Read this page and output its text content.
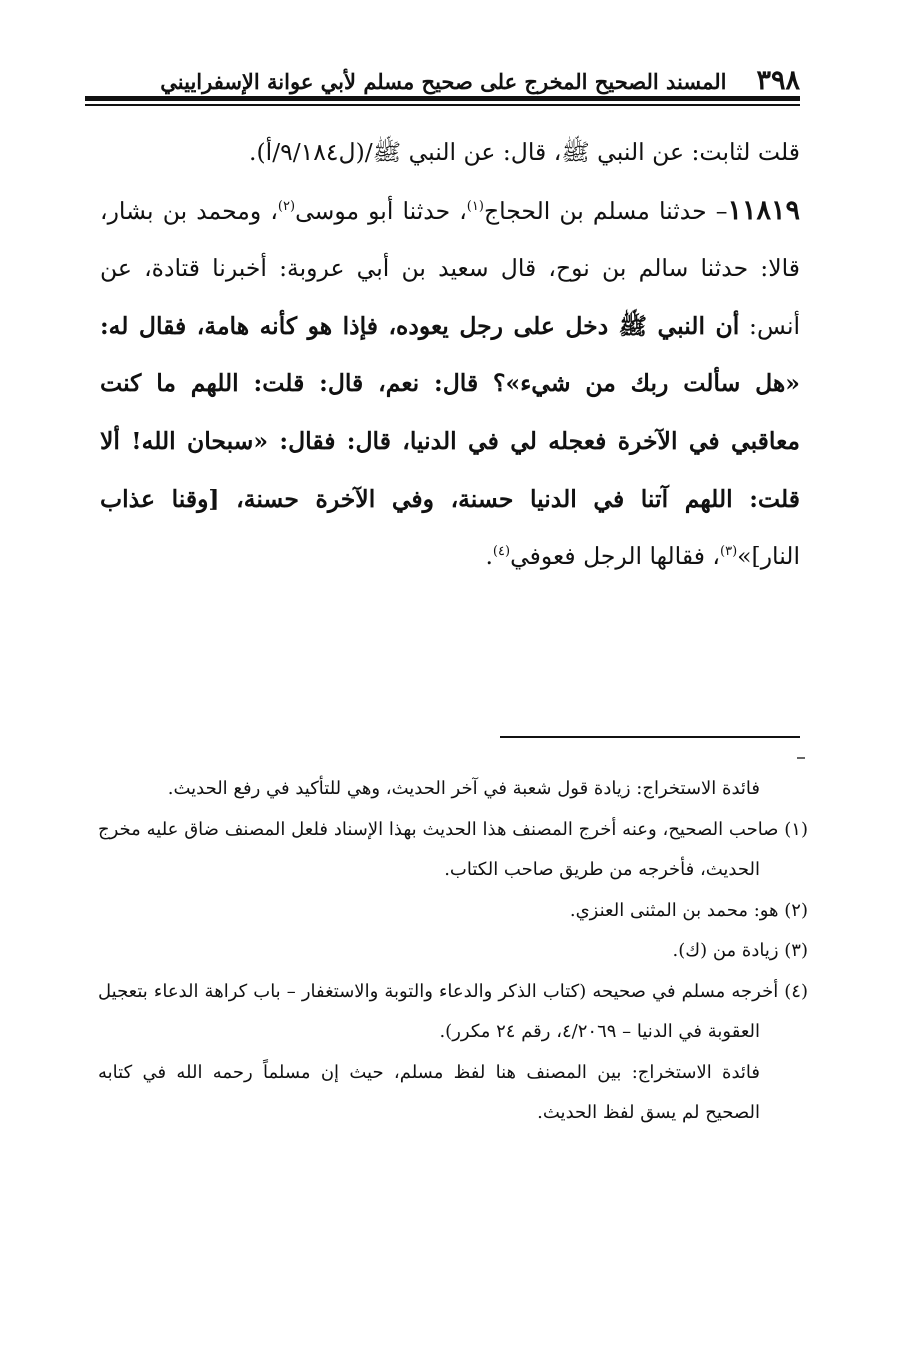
٣٩٨
المسند الصحيح المخرج على صحيح مسلم لأبي عوانة الإسفراييني

قلت لثابت: عن النبي ﷺ، قال: عن النبي ﷺ/(ل٩/١٨٤/أ).

١١٨١٩– حدثنا مسلم بن الحجاج$^{(١)}$، حدثنا أبو موسى$^{(٢)}$، ومحمد بن بشار، قالا: حدثنا سالم بن نوح، قال سعيد بن أبي عروبة: أخبرنا قتادة، عن أنس: أن النبي ﷺ دخل على رجل يعوده، فإذا هو كأنه هامة، فقال له: «هل سألت ربك من شيء»؟ قال: نعم، قال: قلت: اللهم ما كنت معاقبي في الآخرة فعجله لي في الدنيا، قال: فقال: «سبحان الله! ألا قلت: اللهم آتنا في الدنيا حسنة، وفي الآخرة حسنة، [وقنا عذاب النار]»$^{(٣)}$، فقالها الرجل فعوفي$^{(٤)}$.

فائدة الاستخراج: زيادة قول شعبة في آخر الحديث، وهي للتأكيد في رفع الحديث.

(١) صاحب الصحيح، وعنه أخرج المصنف هذا الحديث بهذا الإسناد فلعل المصنف ضاق عليه مخرج الحديث، فأخرجه من طريق صاحب الكتاب.

(٢) هو: محمد بن المثنى العنزي.

(٣) زيادة من (ك).

(٤) أخرجه مسلم في صحيحه (كتاب الذكر والدعاء والتوبة والاستغفار – باب كراهة الدعاء بتعجيل العقوبة في الدنيا – ٤/٢٠٦٩، رقم ٢٤ مكرر).

فائدة الاستخراج: بين المصنف هنا لفظ مسلم، حيث إن مسلماً رحمه الله في كتابه الصحيح لم يسق لفظ الحديث.
